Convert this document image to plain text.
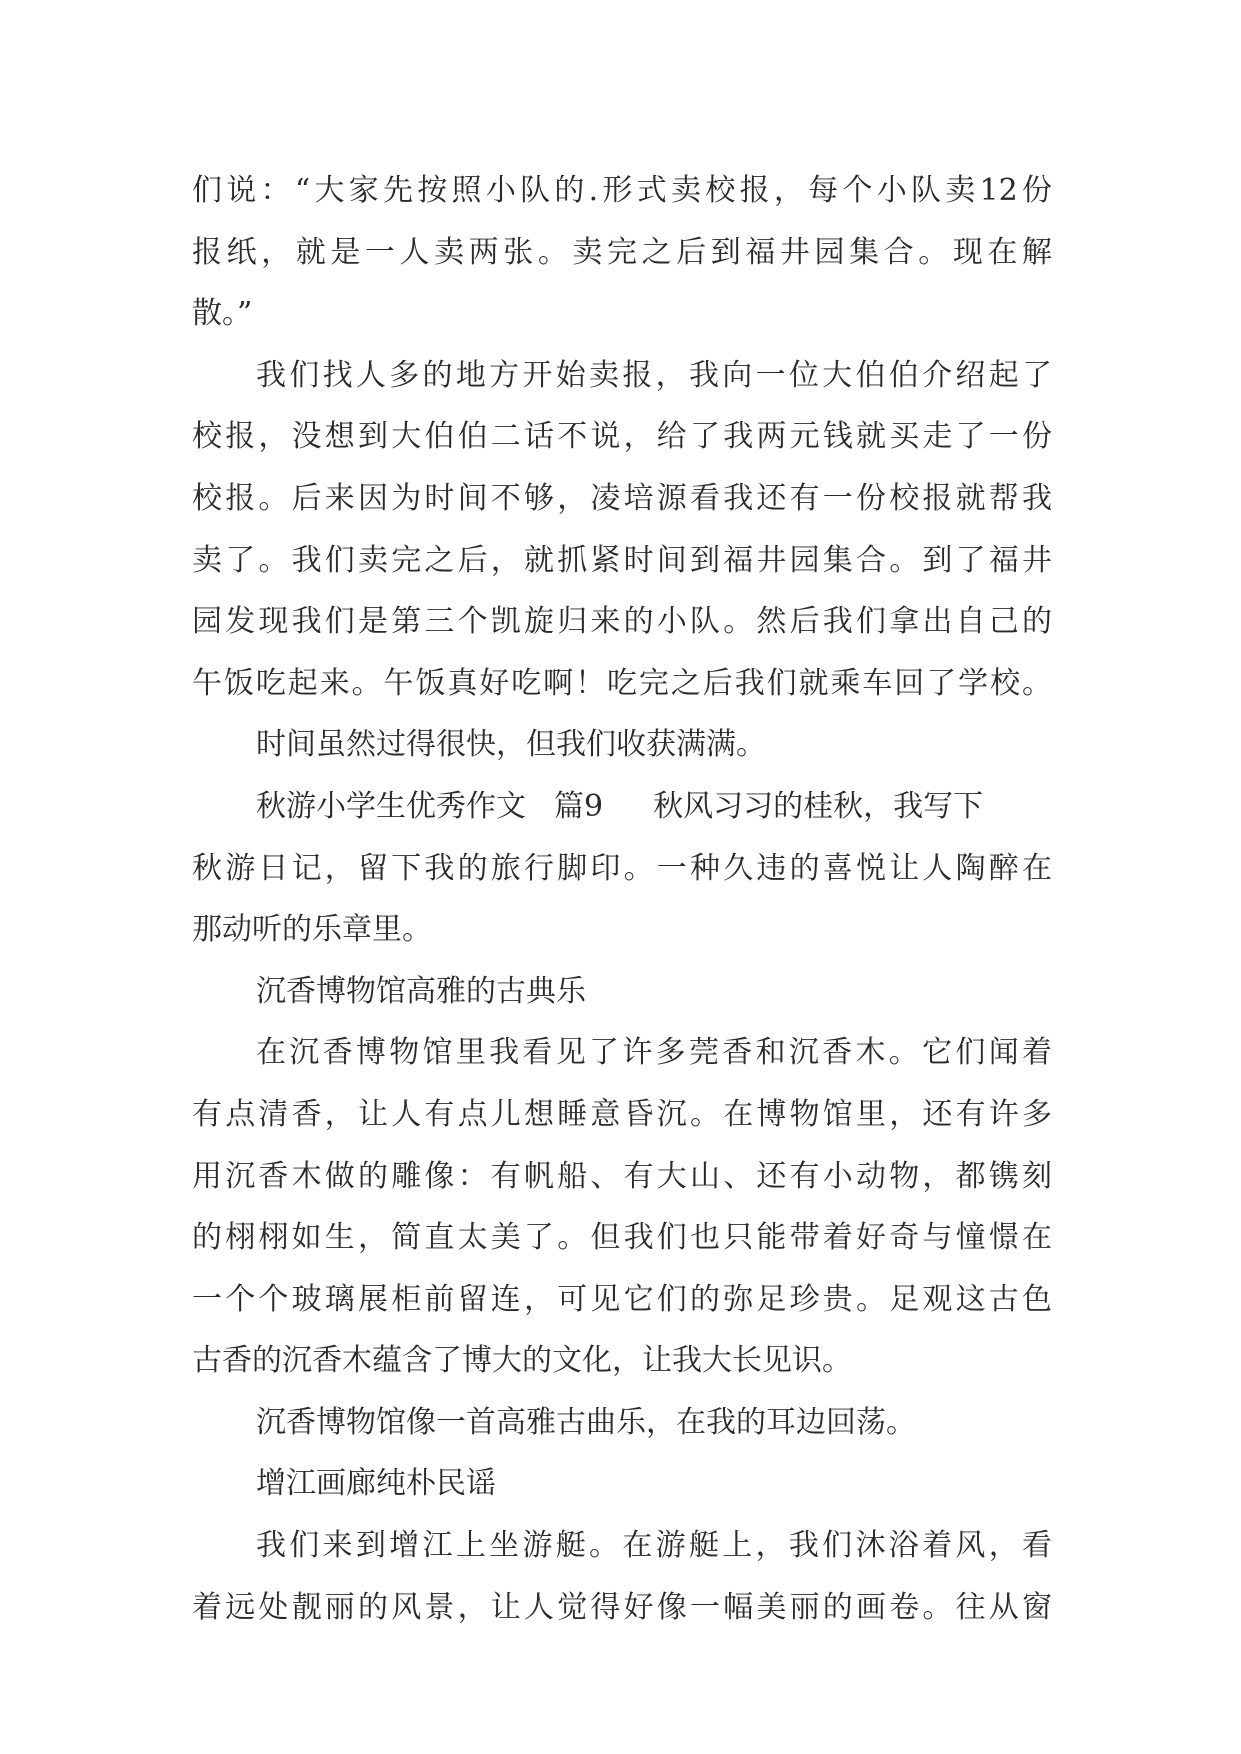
们说：“大家先按照小队的.形式卖校报，每个小队卖12份
报纸，就是一人卖两张。卖完之后到福井园集合。现在解
散。”
我们找人多的地方开始卖报，我向一位大伯伯介绍起了
校报，没想到大伯伯二话不说，给了我两元钱就买走了一份
校报。后来因为时间不够，凌培源看我还有一份校报就帮我
卖了。我们卖完之后，就抓紧时间到福井园集合。到了福井
园发现我们是第三个凯旋归来的小队。然后我们拿出自己的
午饭吃起来。午饭真好吃啊！吃完之后我们就乘车回了学校。
时间虽然过得很快，但我们收获满满。
秋游小学生优秀作文 篇9 秋风习习的桂秋，我写下
秋游日记，留下我的旅行脚印。一种久违的喜悦让人陶醉在
那动听的乐章里。
沉香博物馆高雅的古典乐
在沉香博物馆里我看见了许多莞香和沉香木。它们闻着
有点清香，让人有点儿想睡意昏沉。在博物馆里，还有许多
用沉香木做的雕像：有帆船、有大山、还有小动物，都镌刻
的栩栩如生，简直太美了。但我们也只能带着好奇与憧憬在
一个个玻璃展柜前留连，可见它们的弥足珍贵。足观这古色
古香的沉香木蕴含了博大的文化，让我大长见识。
沉香博物馆像一首高雅古曲乐，在我的耳边回荡。
增江画廊纯朴民谣
我们来到增江上坐游艇。在游艇上，我们沐浴着风，看
着远处靓丽的风景，让人觉得好像一幅美丽的画卷。往从窗
